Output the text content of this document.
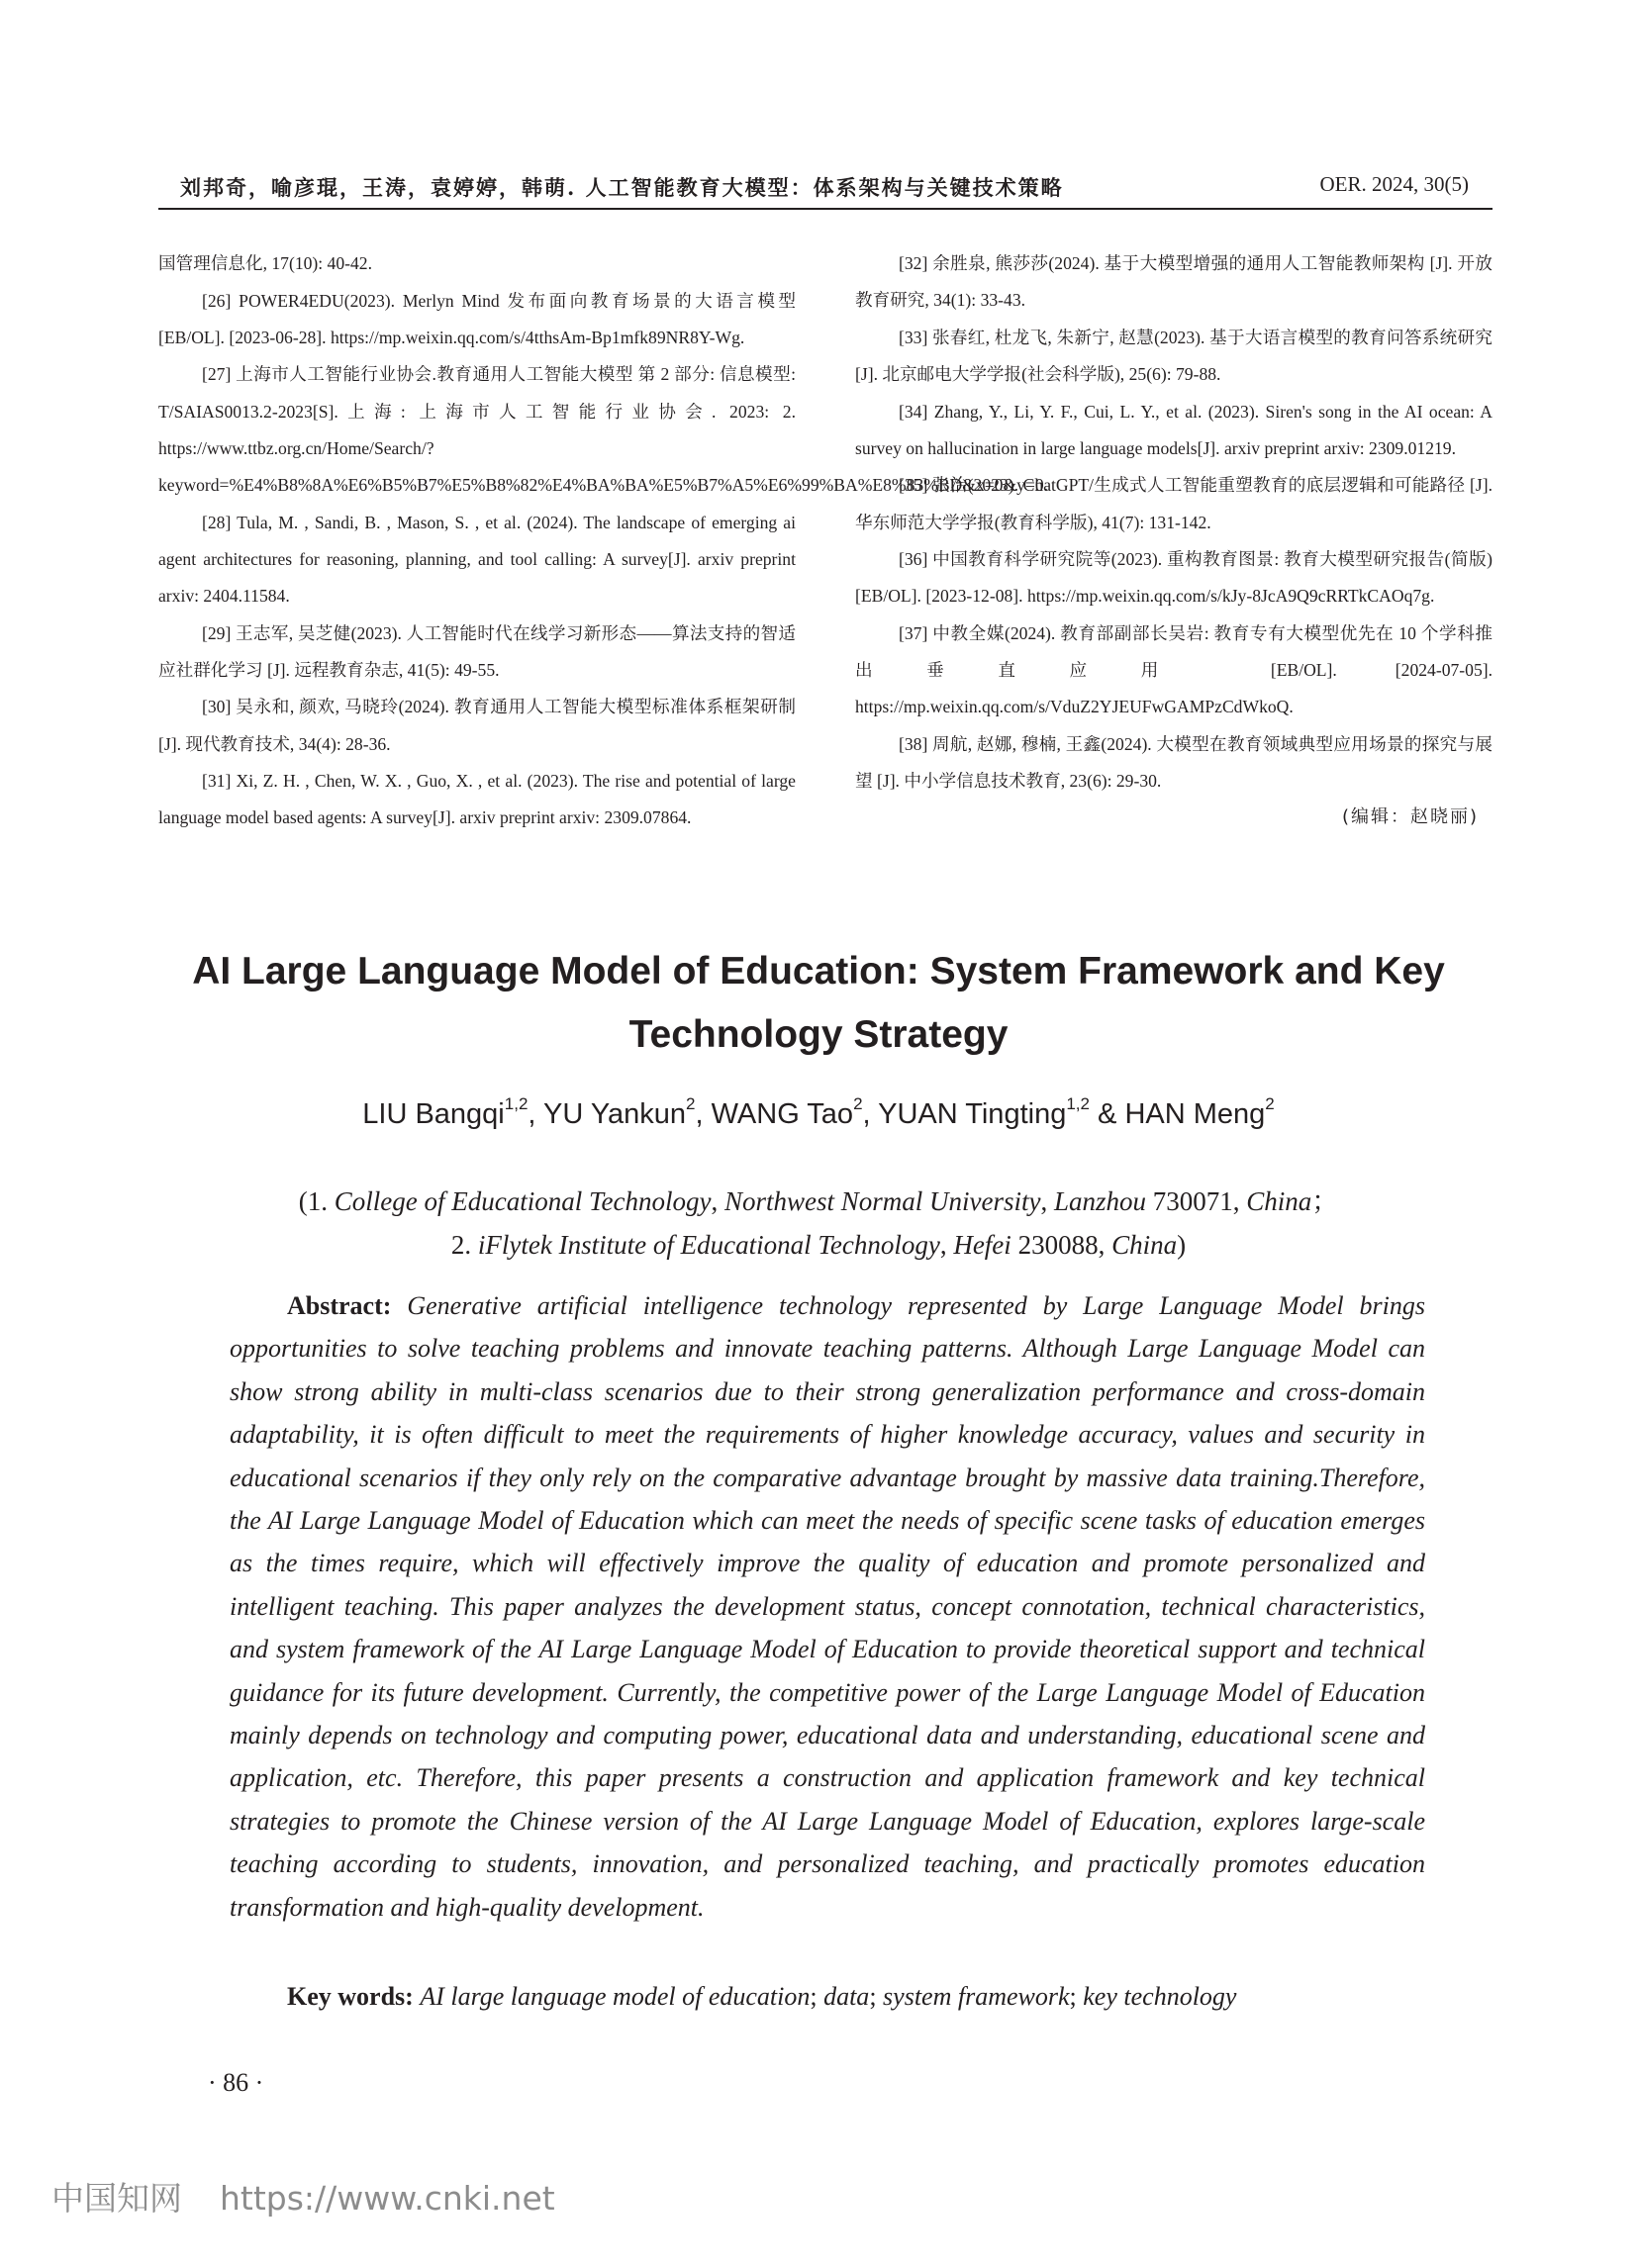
刘邦奇，喻彦琨，王涛，袁婷婷，韩萌. 人工智能教育大模型：体系架构与关键技术策略	OER. 2024, 30(5)

国管理信息化, 17(10): 40-42.

[26] POWER4EDU(2023). Merlyn Mind 发布面向教育场景的大语言模型 [EB/OL]. [2023-06-28]. https://mp.weixin.qq.com/s/4tthsAm-Bp1mfk89NR8Y-Wg.

[27] 上海市人工智能行业协会.教育通用人工智能大模型 第 2 部分: 信息模型: T/SAIAS0013.2-2023[S].上海: 上海市人工智能行业协会. 2023: 2. https://www.ttbz.org.cn/Home/Search/?keyword=%E4%B8%8A%E6%B5%B7%E5%B8%82%E4%BA%BA%E5%B7%A5%E6%99%BA%E8%83%BD&x=0&y=0.

[28] Tula, M. , Sandi, B. , Mason, S. , et al. (2024). The landscape of emerging ai agent architectures for reasoning, planning, and tool calling: A survey[J]. arxiv preprint arxiv: 2404.11584.

[29] 王志军, 吴芝健(2023). 人工智能时代在线学习新形态——算法支持的智适应社群化学习 [J]. 远程教育杂志, 41(5): 49-55.

[30] 吴永和, 颜欢, 马晓玲(2024). 教育通用人工智能大模型标准体系框架研制 [J]. 现代教育技术, 34(4): 28-36.

[31] Xi, Z. H. , Chen, W. X. , Guo, X. , et al. (2023). The rise and potential of large language model based agents: A survey[J]. arxiv preprint arxiv: 2309.07864.

[32] 余胜泉, 熊莎莎(2024). 基于大模型增强的通用人工智能教师架构 [J]. 开放教育研究, 34(1): 33-43.

[33] 张春红, 杜龙飞, 朱新宁, 赵慧(2023). 基于大语言模型的教育问答系统研究 [J]. 北京邮电大学学报(社会科学版), 25(6): 79-88.

[34] Zhang, Y., Li, Y. F., Cui, L. Y., et al. (2023). Siren's song in the AI ocean: A survey on hallucination in large language models[J]. arxiv preprint arxiv: 2309.01219.

[35] 张治(2023). ChatGPT/生成式人工智能重塑教育的底层逻辑和可能路径 [J]. 华东师范大学学报(教育科学版), 41(7): 131-142.

[36] 中国教育科学研究院等(2023). 重构教育图景: 教育大模型研究报告(简版)[EB/OL]. [2023-12-08]. https://mp.weixin.qq.com/s/kJy-8JcA9Q9cRRTkCAOq7g.

[37] 中教全媒(2024). 教育部副部长吴岩: 教育专有大模型优先在 10 个学科推出垂直应用 [EB/OL]. [2024-07-05]. https://mp.weixin.qq.com/s/VduZ2YJEUFwGAMPzCdWkoQ.

[38] 周航, 赵娜, 穆楠, 王鑫(2024). 大模型在教育领域典型应用场景的探究与展望 [J]. 中小学信息技术教育, 23(6): 29-30.

(编辑：赵晓丽)
AI Large Language Model of Education: System Framework and Key Technology Strategy
LIU Bangqi$^{1,2}$, YU Yankun$^2$, WANG Tao$^2$, YUAN Tingting$^{1,2}$ & HAN Meng$^2$
(1. College of Educational Technology, Northwest Normal University, Lanzhou 730071, China；
2. iFlytek Institute of Educational Technology, Hefei 230088, China)
Abstract: Generative artificial intelligence technology represented by Large Language Model brings opportunities to solve teaching problems and innovate teaching patterns. Although Large Language Model can show strong ability in multi-class scenarios due to their strong generalization performance and cross-domain adaptability, it is often difficult to meet the requirements of higher knowledge accuracy, values and security in educational scenarios if they only rely on the comparative advantage brought by massive data training.Therefore, the AI Large Language Model of Education which can meet the needs of specific scene tasks of education emerges as the times require, which will effectively improve the quality of education and promote personalized and intelligent teaching. This paper analyzes the development status, concept connotation, technical characteristics, and system framework of the AI Large Language Model of Education to provide theoretical support and technical guidance for its future development. Currently, the competitive power of the Large Language Model of Education mainly depends on technology and computing power, educational data and understanding, educational scene and application, etc. Therefore, this paper presents a construction and application framework and key technical strategies to promote the Chinese version of the AI Large Language Model of Education, explores large-scale teaching according to students, innovation, and personalized teaching, and practically promotes education transformation and high-quality development.
Key words: AI large language model of education; data; system framework; key technology
· 86 ·
中国知网 https://www.cnki.net
